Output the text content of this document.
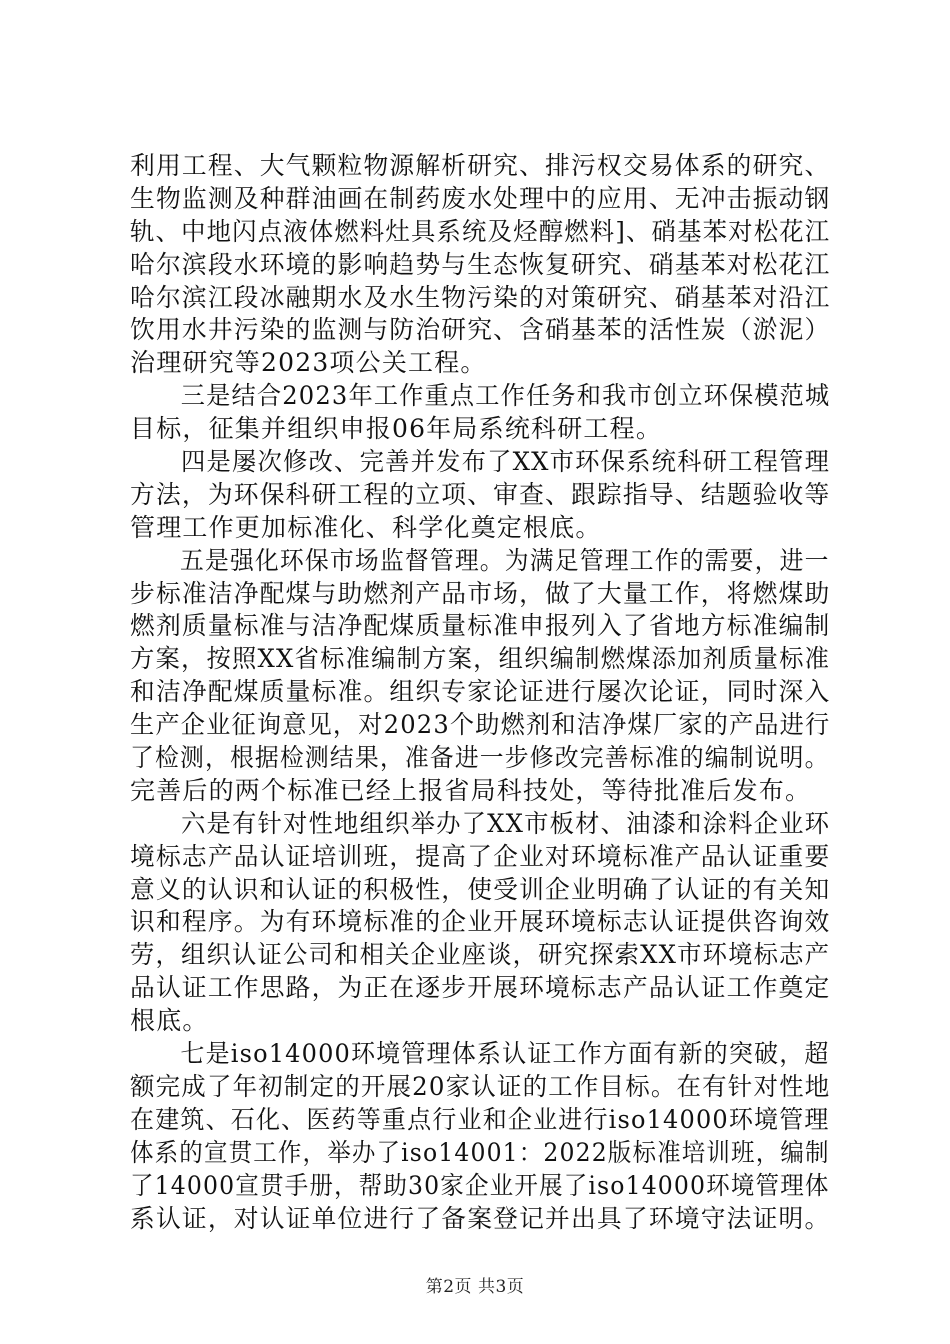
利用工程、大气颗粒物源解析研究、排污权交易体系的研究、
生物监测及种群油画在制药废水处理中的应用、无冲击振动钢
轨、中地闪点液体燃料灶具系统及烃醇燃料]、硝基苯对松花江
哈尔滨段水环境的影响趋势与生态恢复研究、硝基苯对松花江
哈尔滨江段冰融期水及水生物污染的对策研究、硝基苯对沿江
饮用水井污染的监测与防治研究、含硝基苯的活性炭（淤泥）
治理研究等2023项公关工程。
　　三是结合2023年工作重点工作任务和我市创立环保模范城
目标，征集并组织申报06年局系统科研工程。
　　四是屡次修改、完善并发布了XX市环保系统科研工程管理
方法，为环保科研工程的立项、审查、跟踪指导、结题验收等
管理工作更加标准化、科学化奠定根底。
　　五是强化环保市场监督管理。为满足管理工作的需要，进一
步标准洁净配煤与助燃剂产品市场，做了大量工作，将燃煤助
燃剂质量标准与洁净配煤质量标准申报列入了省地方标准编制
方案，按照XX省标准编制方案，组织编制燃煤添加剂质量标准
和洁净配煤质量标准。组织专家论证进行屡次论证，同时深入
生产企业征询意见，对2023个助燃剂和洁净煤厂家的产品进行
了检测，根据检测结果，准备进一步修改完善标准的编制说明。
完善后的两个标准已经上报省局科技处，等待批准后发布。
　　六是有针对性地组织举办了XX市板材、油漆和涂料企业环
境标志产品认证培训班，提高了企业对环境标准产品认证重要
意义的认识和认证的积极性，使受训企业明确了认证的有关知
识和程序。为有环境标准的企业开展环境标志认证提供咨询效
劳，组织认证公司和相关企业座谈，研究探索XX市环境标志产
品认证工作思路，为正在逐步开展环境标志产品认证工作奠定
根底。
　　七是iso14000环境管理体系认证工作方面有新的突破，超
额完成了年初制定的开展20家认证的工作目标。在有针对性地
在建筑、石化、医药等重点行业和企业进行iso14000环境管理
体系的宣贯工作，举办了iso14001：2022版标准培训班，编制
了14000宣贯手册，帮助30家企业开展了iso14000环境管理体
系认证，对认证单位进行了备案登记并出具了环境守法证明。
第2页 共3页
